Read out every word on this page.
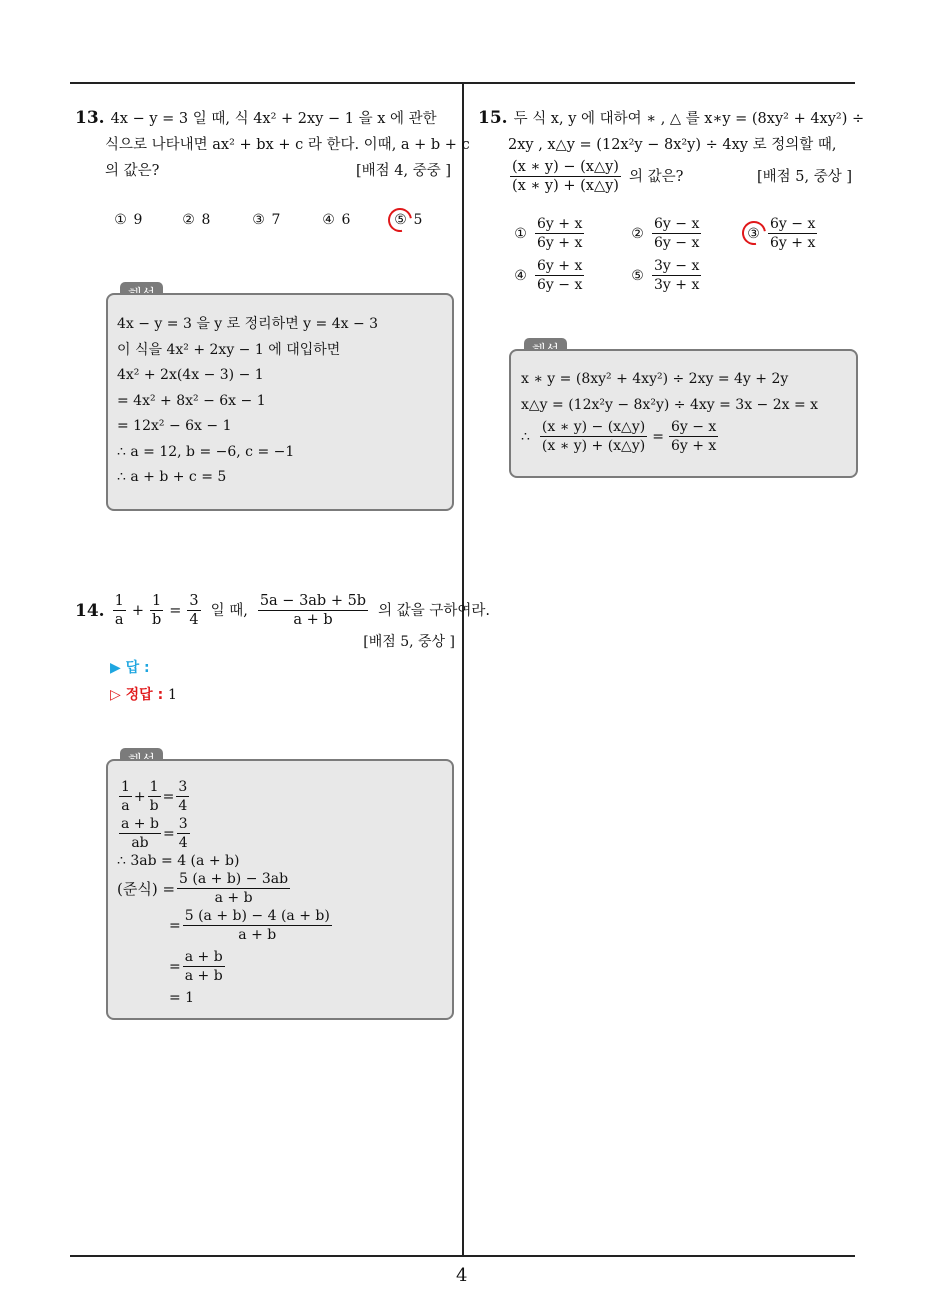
4
13. 4x − y = 3 일 때, 식 4x² + 2xy − 1 을 x 에 관한
식으로 나타내면 ax² + bx + c 라 한다. 이때, a + b + c
의 값은?	[배점 4, 중중 ]
① 9	② 8	③ 7	④ 6	⑤ 5
4x − y = 3 을 y 로 정리하면 y = 4x − 3
이 식을 4x² + 2xy − 1 에 대입하면
4x² + 2x(4x − 3) − 1
= 4x² + 8x² − 6x − 1
= 12x² − 6x − 1
∴ a = 12, b = −6, c = −1
∴ a + b + c = 5
14. $\frac{1}{a} + \frac{1}{b} = \frac{3}{4}$ 일 때, $\frac{5a - 3ab + 5b}{a + b}$ 의 값을 구하여라.
[배점 5, 중상 ]
▶ 답 :
▷ 정답 : 1
$\frac{1}{a} + \frac{1}{b} = \frac{3}{4}$
$\frac{a + b}{ab} = \frac{3}{4}$
∴ 3ab = 4 (a + b)
(준식) = $\frac{5 (a + b) - 3ab}{a + b}$
= $\frac{5 (a + b) - 4 (a + b)}{a + b}$
= $\frac{a + b}{a + b}$
= 1
15. 두 식 x, y 에 대하여 ∗ , △ 를 x∗y = (8xy² + 4xy²) ÷
2xy , x△y = (12x²y − 8x²y) ÷ 4xy 로 정의할 때,
$\frac{(x ∗ y) - (x\triangle y)}{(x ∗ y) + (x\triangle y)}$ 의 값은?	[배점 5, 중상 ]
① $\frac{6y + x}{6y + x}$	② $\frac{6y - x}{6y - x}$	③ $\frac{6y - x}{6y + x}$
④ $\frac{6y + x}{6y - x}$	⑤ $\frac{3y - x}{3y + x}$
x ∗ y = (8xy² + 4xy²) ÷ 2xy = 4y + 2y
x△y = (12x²y − 8x²y) ÷ 4xy = 3x − 2x = x
∴ $\frac{(x ∗ y) - (x\triangle y)}{(x ∗ y) + (x\triangle y)} = \frac{6y - x}{6y + x}$
